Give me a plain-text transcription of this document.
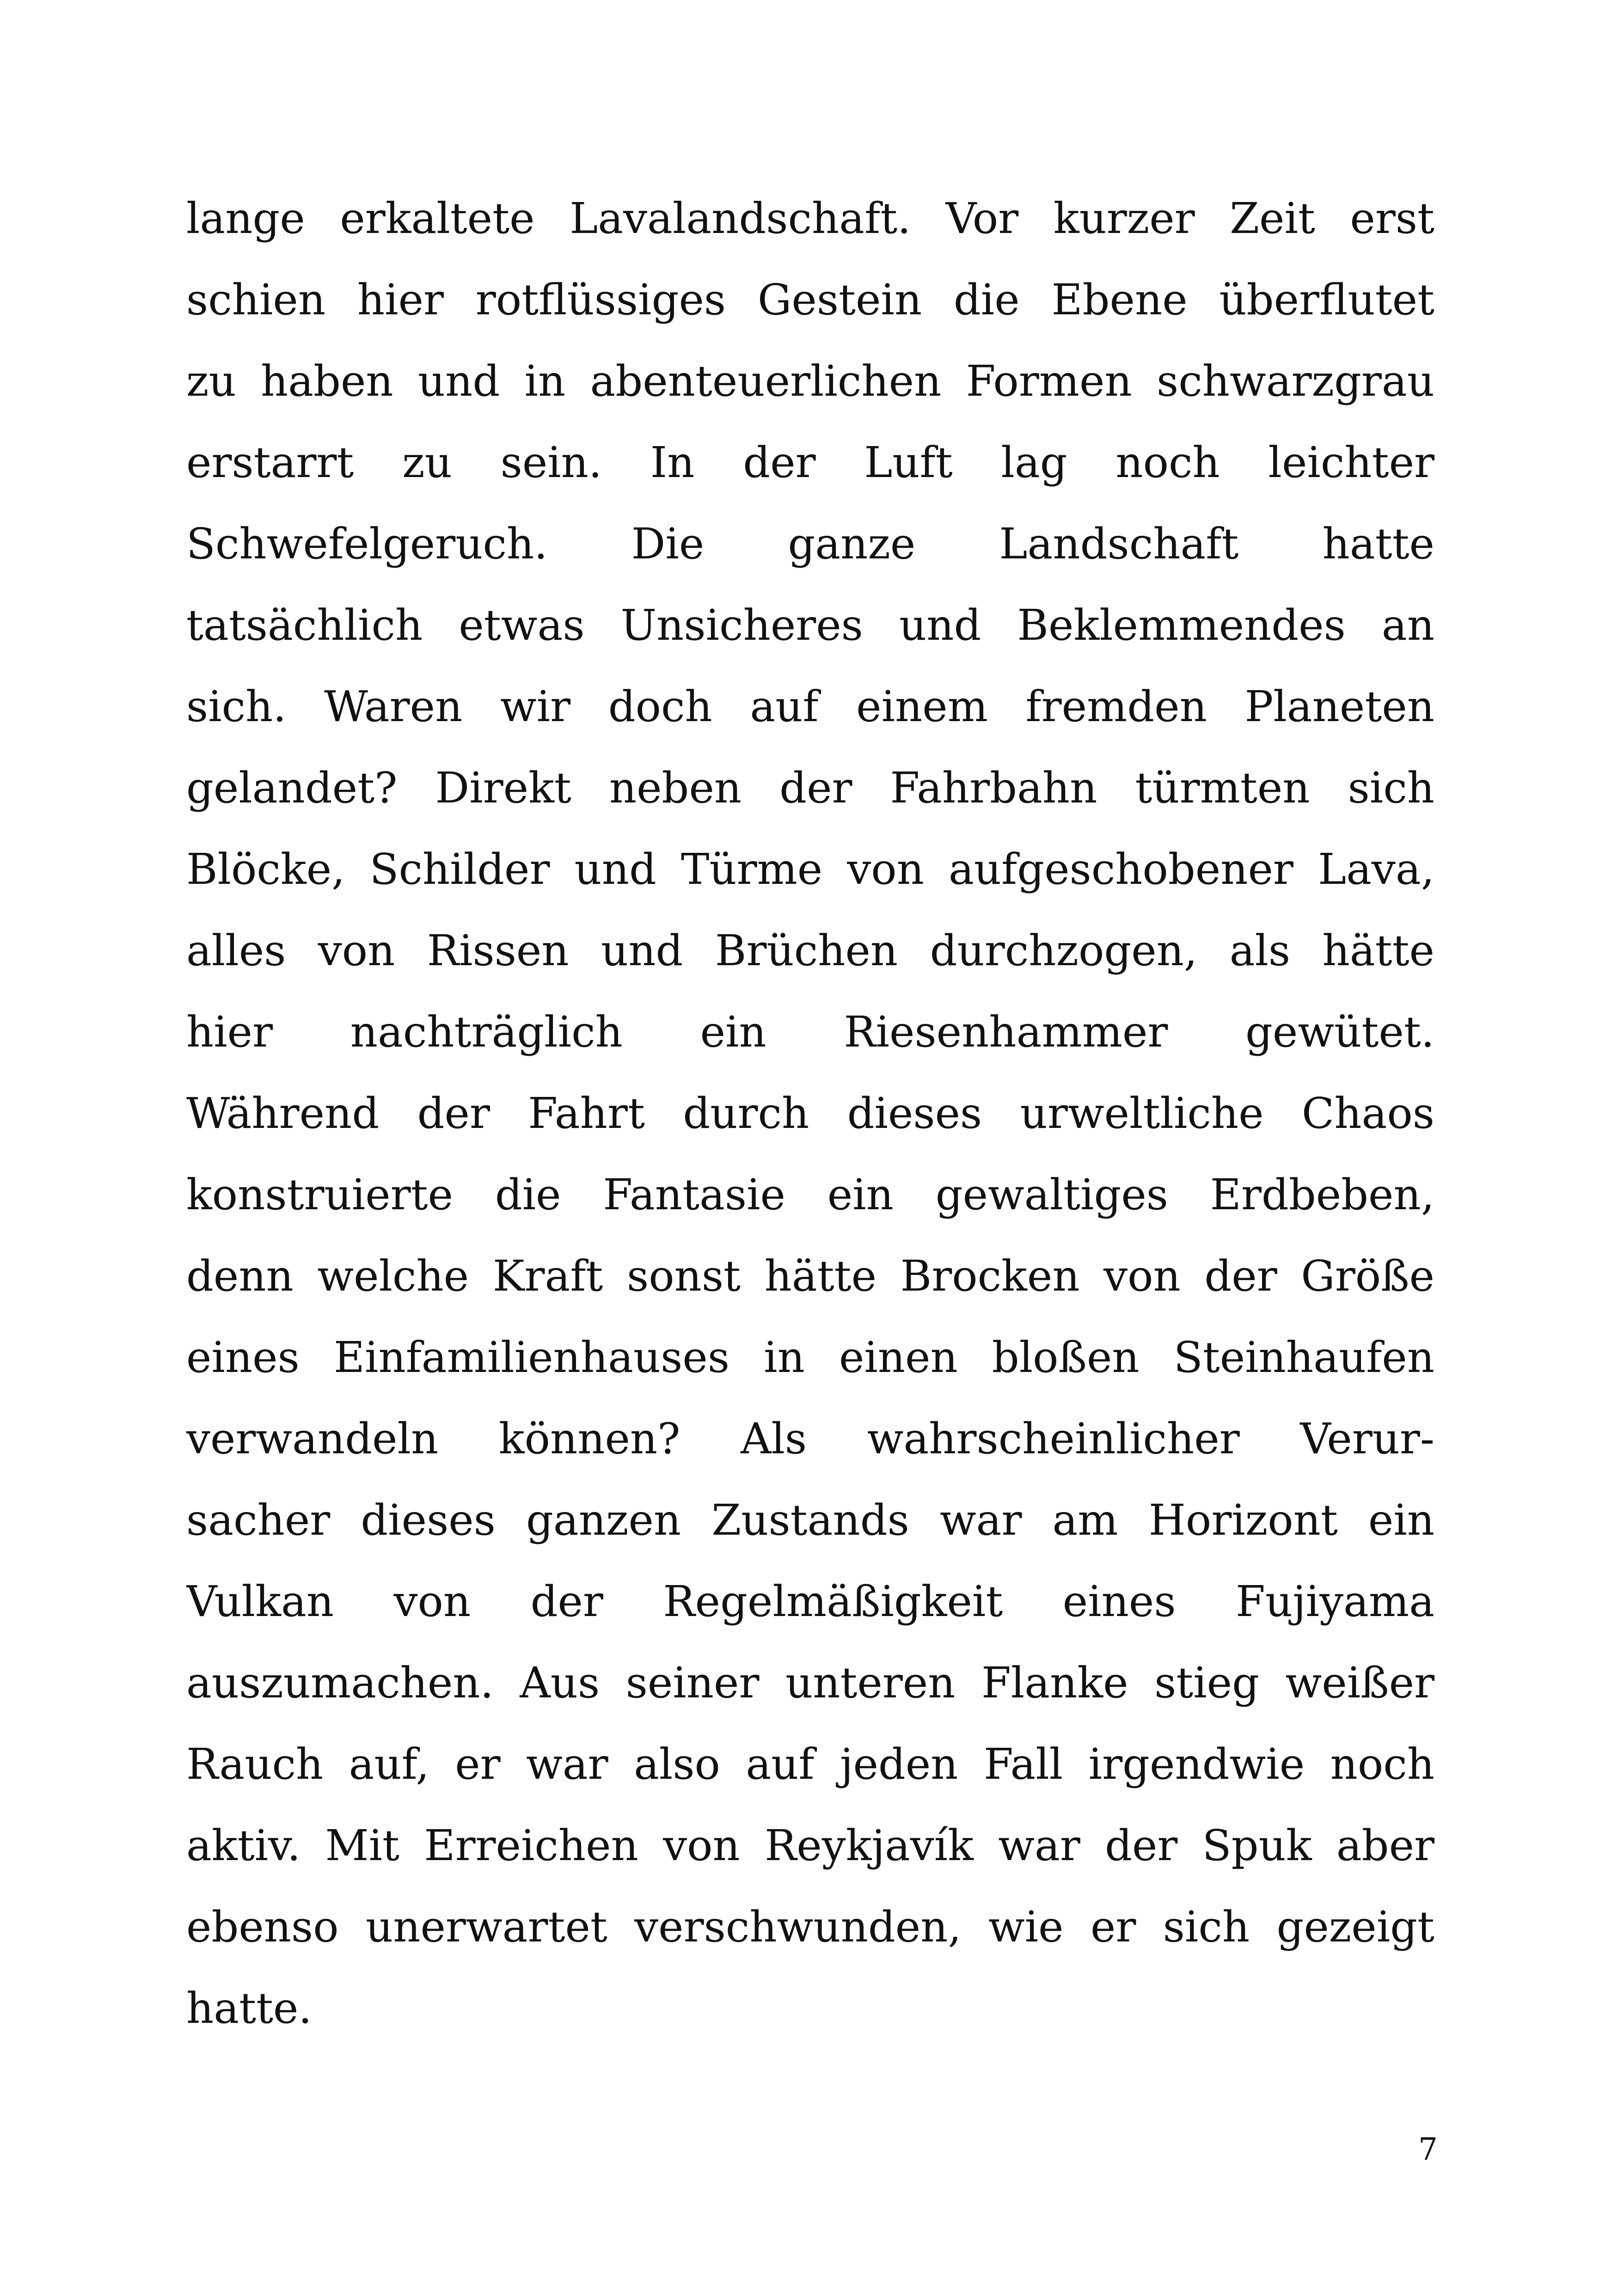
lange erkaltete Lavalandschaft. Vor kurzer Zeit erst
schien hier rotflüssiges Gestein die Ebene überflutet
zu haben und in abenteuerlichen Formen schwarzgrau
erstarrt zu sein. In der Luft lag noch leichter
Schwefelgeruch. Die ganze Landschaft hatte
tatsächlich etwas Unsicheres und Beklemmendes an
sich. Waren wir doch auf einem fremden Planeten
gelandet? Direkt neben der Fahrbahn türmten sich
Blöcke, Schilder und Türme von aufgeschobener Lava,
alles von Rissen und Brüchen durchzogen, als hätte
hier nachträglich ein Riesenhammer gewütet.
Während der Fahrt durch dieses urweltliche Chaos
konstruierte die Fantasie ein gewaltiges Erdbeben,
denn welche Kraft sonst hätte Brocken von der Größe
eines Einfamilienhauses in einen bloßen Steinhaufen
verwandeln können? Als wahrscheinlicher Verur-
sacher dieses ganzen Zustands war am Horizont ein
Vulkan von der Regelmäßigkeit eines Fujiyama
auszumachen. Aus seiner unteren Flanke stieg weißer
Rauch auf, er war also auf jeden Fall irgendwie noch
aktiv. Mit Erreichen von Reykjavík war der Spuk aber
ebenso unerwartet verschwunden, wie er sich gezeigt
hatte.
7
